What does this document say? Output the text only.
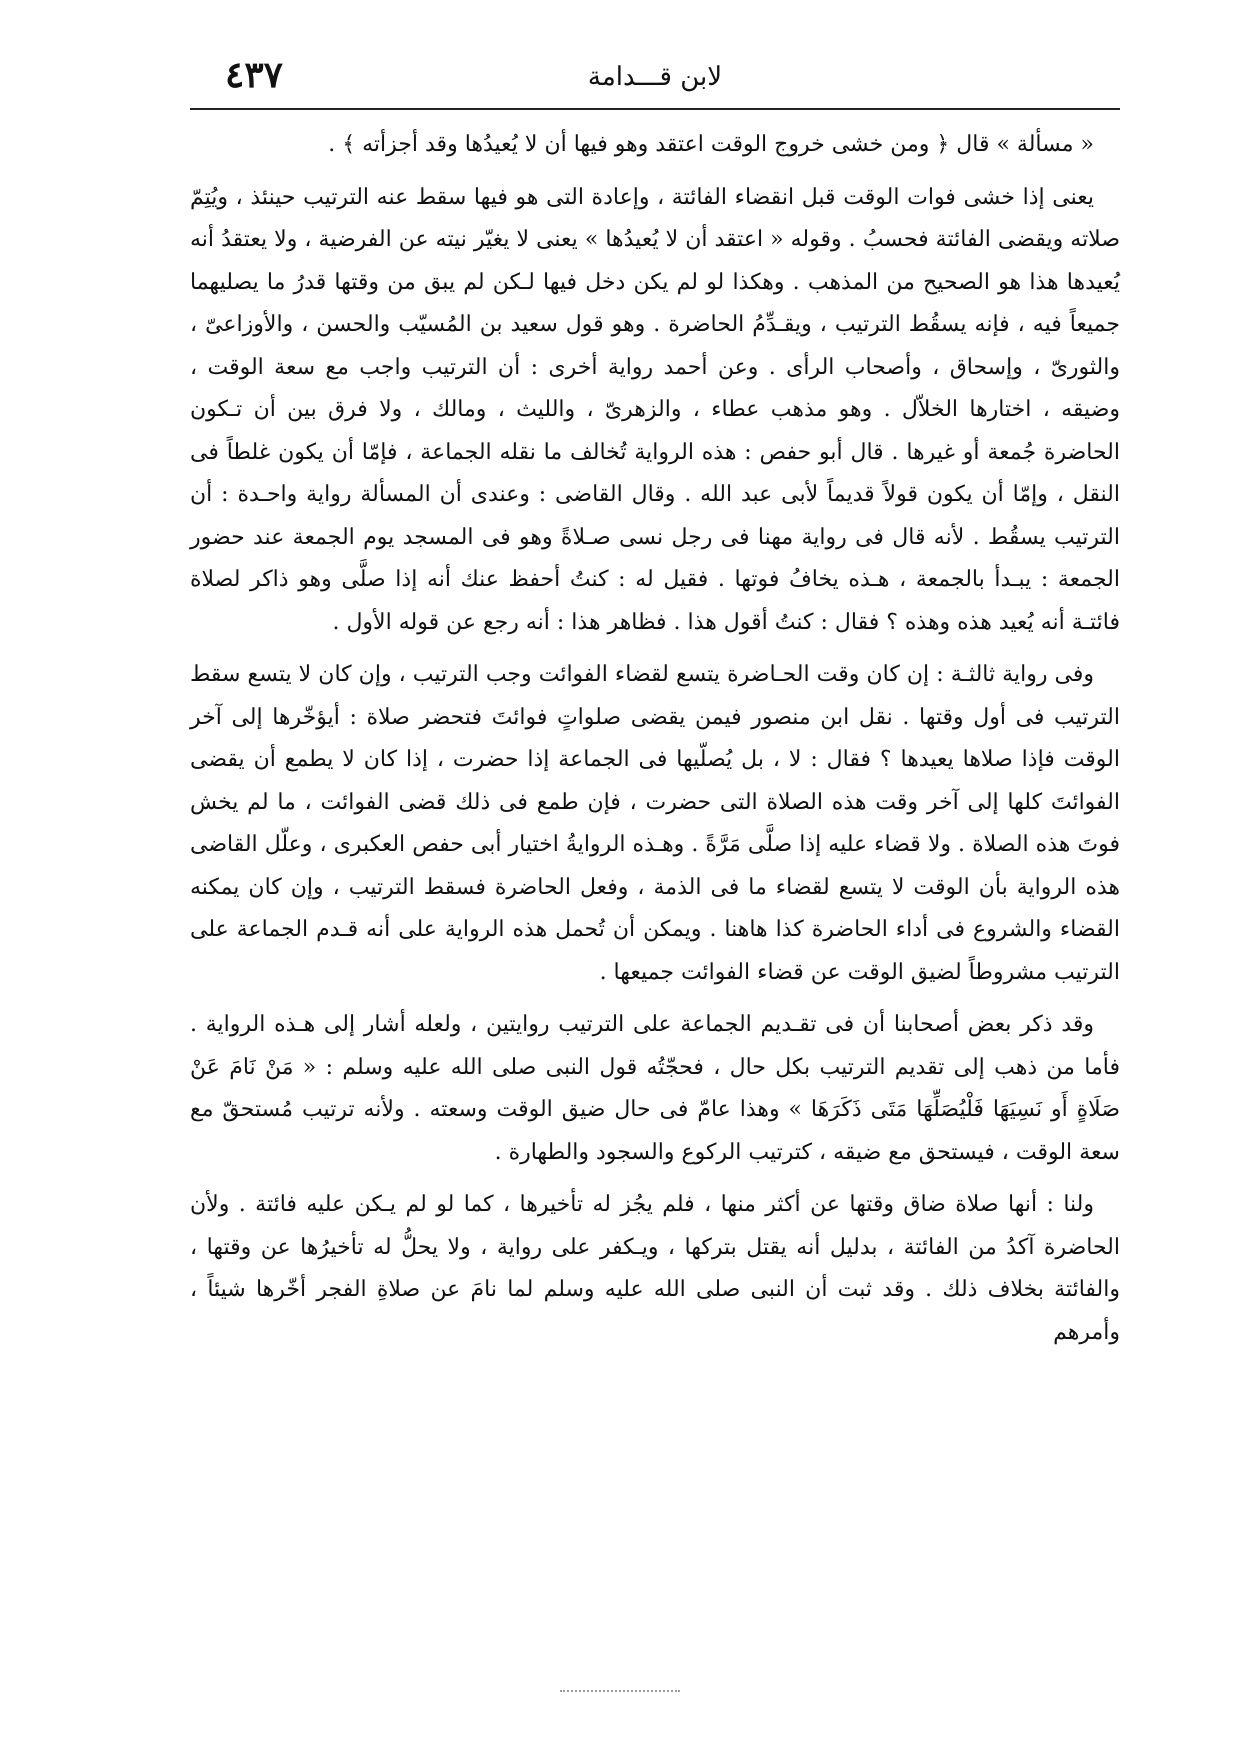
٤٣٧	لابن قـــدامة

« مسألة » قال ﴿ ومن خشى خروج الوقت اعتقد وهو فيها أن لا يُعيدُها وقد أجزأته ﴾ .

يعنى إذا خشى فوات الوقت قبل انقضاء الفائتة ، وإعادة التى هو فيها سقط عنه الترتيب حينئذ ، ويُتِمّ صلاته ويقضى الفائتة فحسبُ . وقوله « اعتقد أن لا يُعيدُها » يعنى لا يغيّر نيته عن الفرضية ، ولا يعتقدُ أنه يُعيدها هذا هو الصحيح من المذهب . وهكذا لو لم يكن دخل فيها لـكن لم يبق من وقتها قدرُ ما يصليهما جميعاً فيه ، فإنه يسقُط الترتيب ، ويقـدِّمُ الحاضرة . وهو قول سعيد بن المُسيّب والحسن ، والأوزاعىّ ، والثورىّ ، وإسحاق ، وأصحاب الرأى . وعن أحمد رواية أخرى : أن الترتيب واجب مع سعة الوقت ، وضيقه ، اختارها الخلاّل . وهو مذهب عطاء ، والزهرىّ ، والليث ، ومالك ، ولا فرق بين أن تـكون الحاضرة جُمعة أو غيرها . قال أبو حفص : هذه الرواية تُخالف ما نقله الجماعة ، فإمّا أن يكون غلطاً فى النقل ، وإمّا أن يكون قولاً قديماً لأبى عبد الله . وقال القاضى : وعندى أن المسألة رواية واحـدة : أن الترتيب يسقُط . لأنه قال فى رواية مهنا فى رجل نسى صـلاةً وهو فى المسجد يوم الجمعة عند حضور الجمعة : يبـدأ بالجمعة ، هـذه يخافُ فوتها . فقيل له : كنتُ أحفظ عنك أنه إذا صلَّى وهو ذاكر لصلاة فائتـة أنه يُعيد هذه وهذه ؟ فقال : كنتُ أقول هذا . فظاهر هذا : أنه رجع عن قوله الأول .

وفى رواية ثالثـة : إن كان وقت الحـاضرة يتسع لقضاء الفوائت وجب الترتيب ، وإن كان لا يتسع سقط الترتيب فى أول وقتها . نقل ابن منصور فيمن يقضى صلواتٍ فوائتَ فتحضر صلاة : أيؤخّرها إلى آخر الوقت فإذا صلاها يعيدها ؟ فقال : لا ، بل يُصلّيها فى الجماعة إذا حضرت ، إذا كان لا يطمع أن يقضى الفوائتَ كلها إلى آخر وقت هذه الصلاة التى حضرت ، فإن طمع فى ذلك قضى الفوائت ، ما لم يخش فوتَ هذه الصلاة . ولا قضاء عليه إذا صلَّى مَرَّةً . وهـذه الروايةُ اختيار أبى حفص العكبرى ، وعلّل القاضى هذه الرواية بأن الوقت لا يتسع لقضاء ما فى الذمة ، وفعل الحاضرة فسقط الترتيب ، وإن كان يمكنه القضاء والشروع فى أداء الحاضرة كذا هاهنا . ويمكن أن تُحمل هذه الرواية على أنه قـدم الجماعة على الترتيب مشروطاً لضيق الوقت عن قضاء الفوائت جميعها .

وقد ذكر بعض أصحابنا أن فى تقـديم الجماعة على الترتيب روايتين ، ولعله أشار إلى هـذه الرواية . فأما من ذهب إلى تقديم الترتيب بكل حال ، فحجّتُه قول النبى صلى الله عليه وسلم : « مَنْ نَامَ عَنْ صَلَاةٍ أَو نَسِيَهَا فَلْيُصَلِّهَا مَتَى ذَكَرَهَا » وهذا عامّ فى حال ضيق الوقت وسعته . ولأنه ترتيب مُستحقّ مع سعة الوقت ، فيستحق مع ضيقه ، كترتيب الركوع والسجود والطهارة .

ولنا : أنها صلاة ضاق وقتها عن أكثر منها ، فلم يجُز له تأخيرها ، كما لو لم يـكن عليه فائتة . ولأن الحاضرة آكدُ من الفائتة ، بدليل أنه يقتل بتركها ، ويـكفر على رواية ، ولا يحلُّ له تأخيرُها عن وقتها ، والفائتة بخلاف ذلك . وقد ثبت أن النبى صلى الله عليه وسلم لما نامَ عن صلاةِ الفجر أخّرها شيئاً ، وأمرهم
